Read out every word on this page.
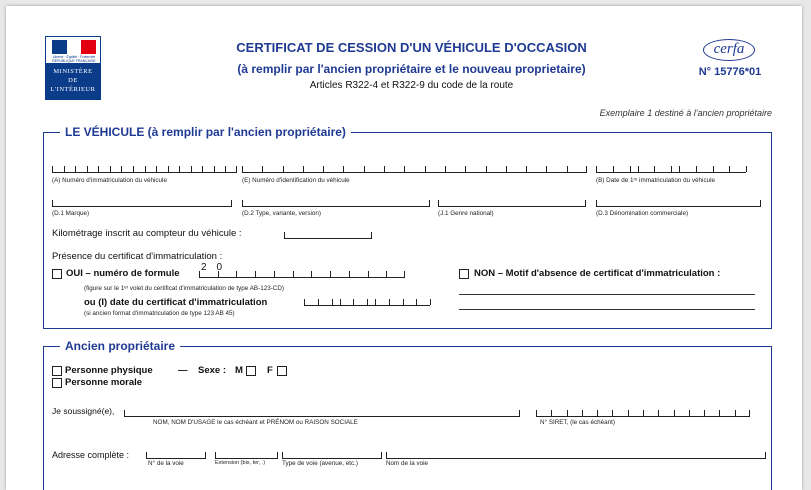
Liberté · Égalité · Fraternité
RÉPUBLIQUE FRANÇAISE
MINISTÈRE
DE
L'INTÉRIEUR
CERTIFICAT DE CESSION D'UN VÉHICULE D'OCCASION
(à remplir par l'ancien propriétaire et le nouveau proprietaire)
Articles R322-4 et R322-9 du code de la route
cerfa
N° 15776*01
Exemplaire 1 destiné à l'ancien propriétaire
LE VÉHICULE (à remplir par l'ancien propriétaire)
(A) Numéro d'immatriculation du véhicule	(E) Numéro d'identification du véhicule	(B) Date de 1ʳᵉ immatriculation du véhicule
(D.1 Marque)	(D.2 Type, variante, version)	(J.1 Genre national)	(D.3 Dénomination commerciale)
Kilométrage inscrit au compteur du véhicule :
Présence du certificat d'immatriculation :
OUI – numéro de formule
20
(figure sur le 1ᵉʳ volet du certificat d'immatriculation de type AB-123-CD)
ou (I) date du certificat d'immatriculation
(si ancien format d'immatriculation de type 123 AB 45)
NON – Motif d'absence de certificat d'immatriculation :
Ancien propriétaire
Personne physique	— Sexe : M	F
Personne morale
Je soussigné(e),
NOM, NOM D'USAGE le cas échéant et PRÉNOM ou RAISON SOCIALE	N° SIRET, (le cas échéant)
Adresse complète :
N° de la voie	Extension (bis, ter, .)	Type de voie (avenue, etc.)	Nom de la voie
